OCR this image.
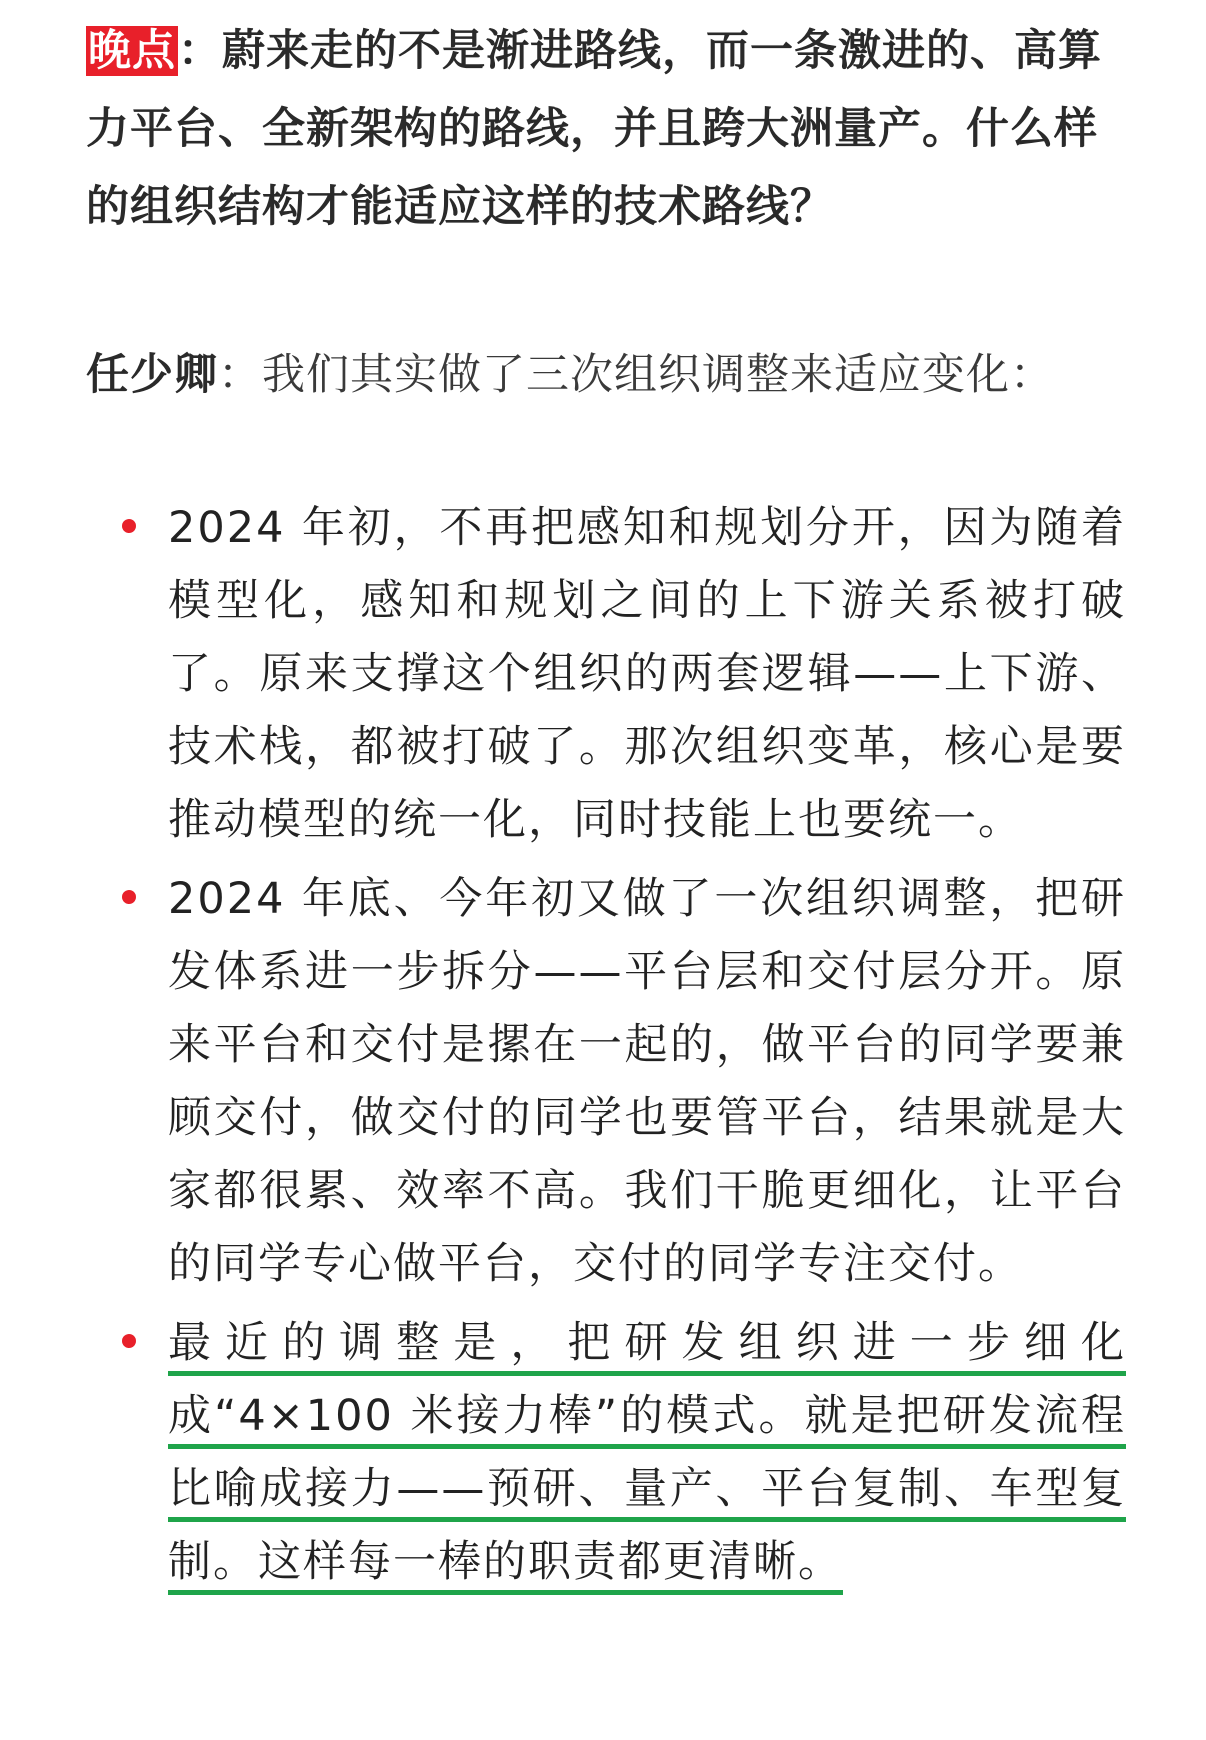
晚点：蔚来走的不是渐进路线，而一条激进的、高算力平台、全新架构的路线，并且跨大洲量产。什么样的组织结构才能适应这样的技术路线？

任少卿：我们其实做了三次组织调整来适应变化：

2024 年初，不再把感知和规划分开，因为随着模型化，感知和规划之间的上下游关系被打破了。原来支撑这个组织的两套逻辑——上下游、技术栈，都被打破了。那次组织变革，核心是要推动模型的统一化，同时技能上也要统一。
2024 年底、今年初又做了一次组织调整，把研发体系进一步拆分——平台层和交付层分开。原来平台和交付是摞在一起的，做平台的同学要兼顾交付，做交付的同学也要管平台，结果就是大家都很累、效率不高。我们干脆更细化，让平台的同学专心做平台，交付的同学专注交付。
最近的调整是，把研发组织进一步细化成“4×100 米接力棒”的模式。就是把研发流程比喻成接力——预研、量产、平台复制、车型复制。这样每一棒的职责都更清晰。
